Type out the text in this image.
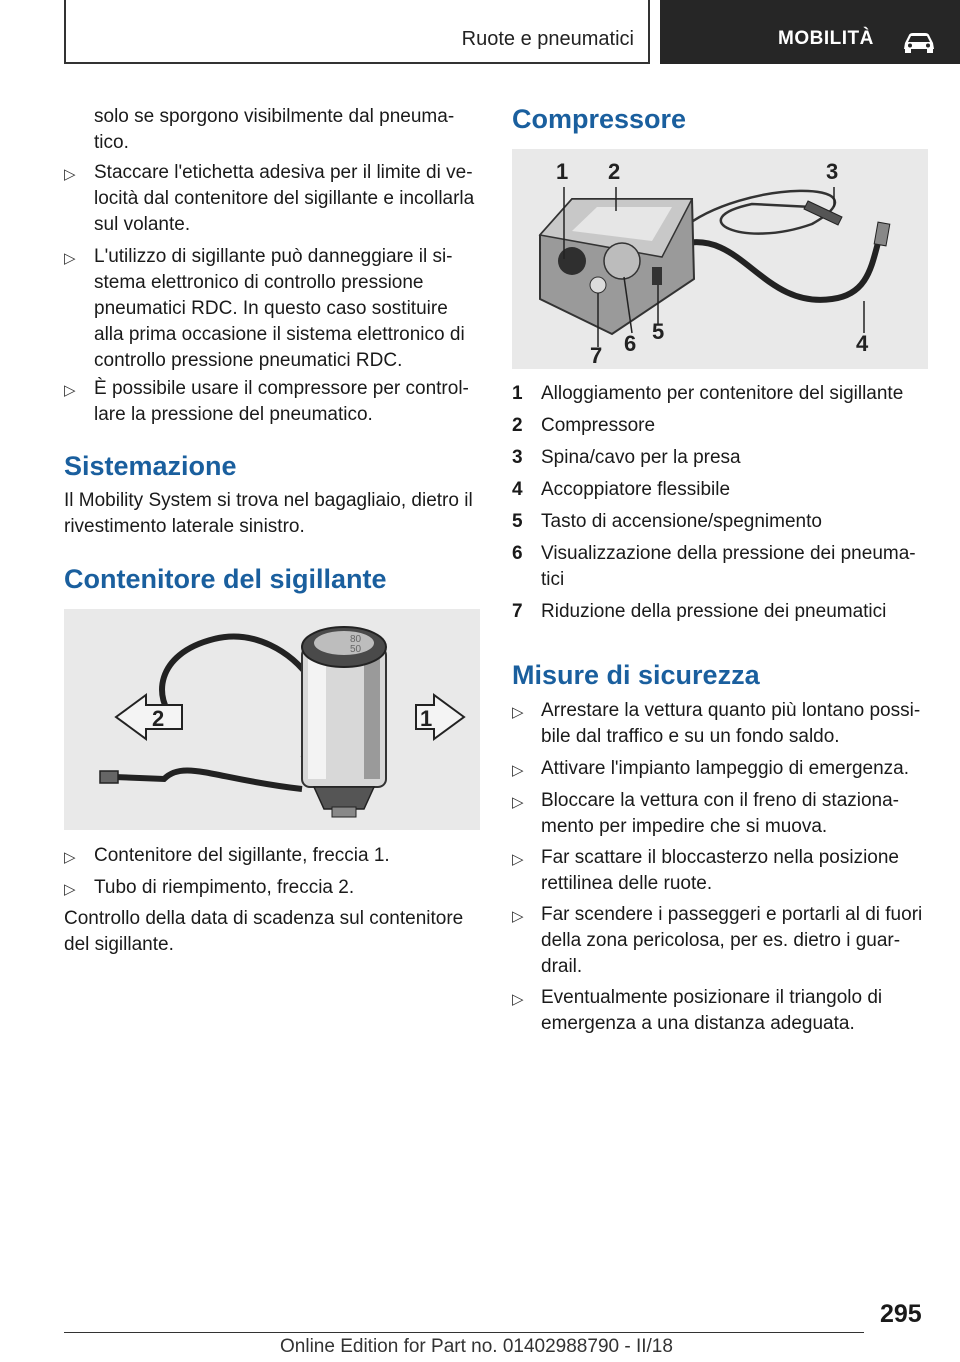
Ruote e pneumatici	MOBILITÀ
solo se sporgono visibilmente dal pneuma-
tico.
▷ Staccare l'etichetta adesiva per il limite di ve-
locità dal contenitore del sigillante e incollarla
sul volante.
▷ L'utilizzo di sigillante può danneggiare il si-
stema elettronico di controllo pressione
pneumatici RDC. In questo caso sostituire
alla prima occasione il sistema elettronico di
controllo pressione pneumatici RDC.
▷ È possibile usare il compressore per control-
lare la pressione del pneumatico.
Sistemazione
Il Mobility System si trova nel bagagliaio, dietro il
rivestimento laterale sinistro.
Contenitore del sigillante
80
50
2	1
▷ Contenitore del sigillante, freccia 1.
▷ Tubo di riempimento, freccia 2.
Controllo della data di scadenza sul contenitore
del sigillante.
Compressore
1 2	3
4
5
6
7
1 Alloggiamento per contenitore del sigillante
2 Compressore
3 Spina/cavo per la presa
4 Accoppiatore flessibile
5 Tasto di accensione/spegnimento
6 Visualizzazione della pressione dei pneuma-
tici
7 Riduzione della pressione dei pneumatici
Misure di sicurezza
▷ Arrestare la vettura quanto più lontano possi-
bile dal traffico e su un fondo saldo.
▷ Attivare l'impianto lampeggio di emergenza.
▷ Bloccare la vettura con il freno di staziona-
mento per impedire che si muova.
▷ Far scattare il bloccasterzo nella posizione
rettilinea delle ruote.
▷ Far scendere i passeggeri e portarli al di fuori
della zona pericolosa, per es. dietro i guar-
drail.
▷ Eventualmente posizionare il triangolo di
emergenza a una distanza adeguata.
295
Online Edition for Part no. 01402988790 - II/18
